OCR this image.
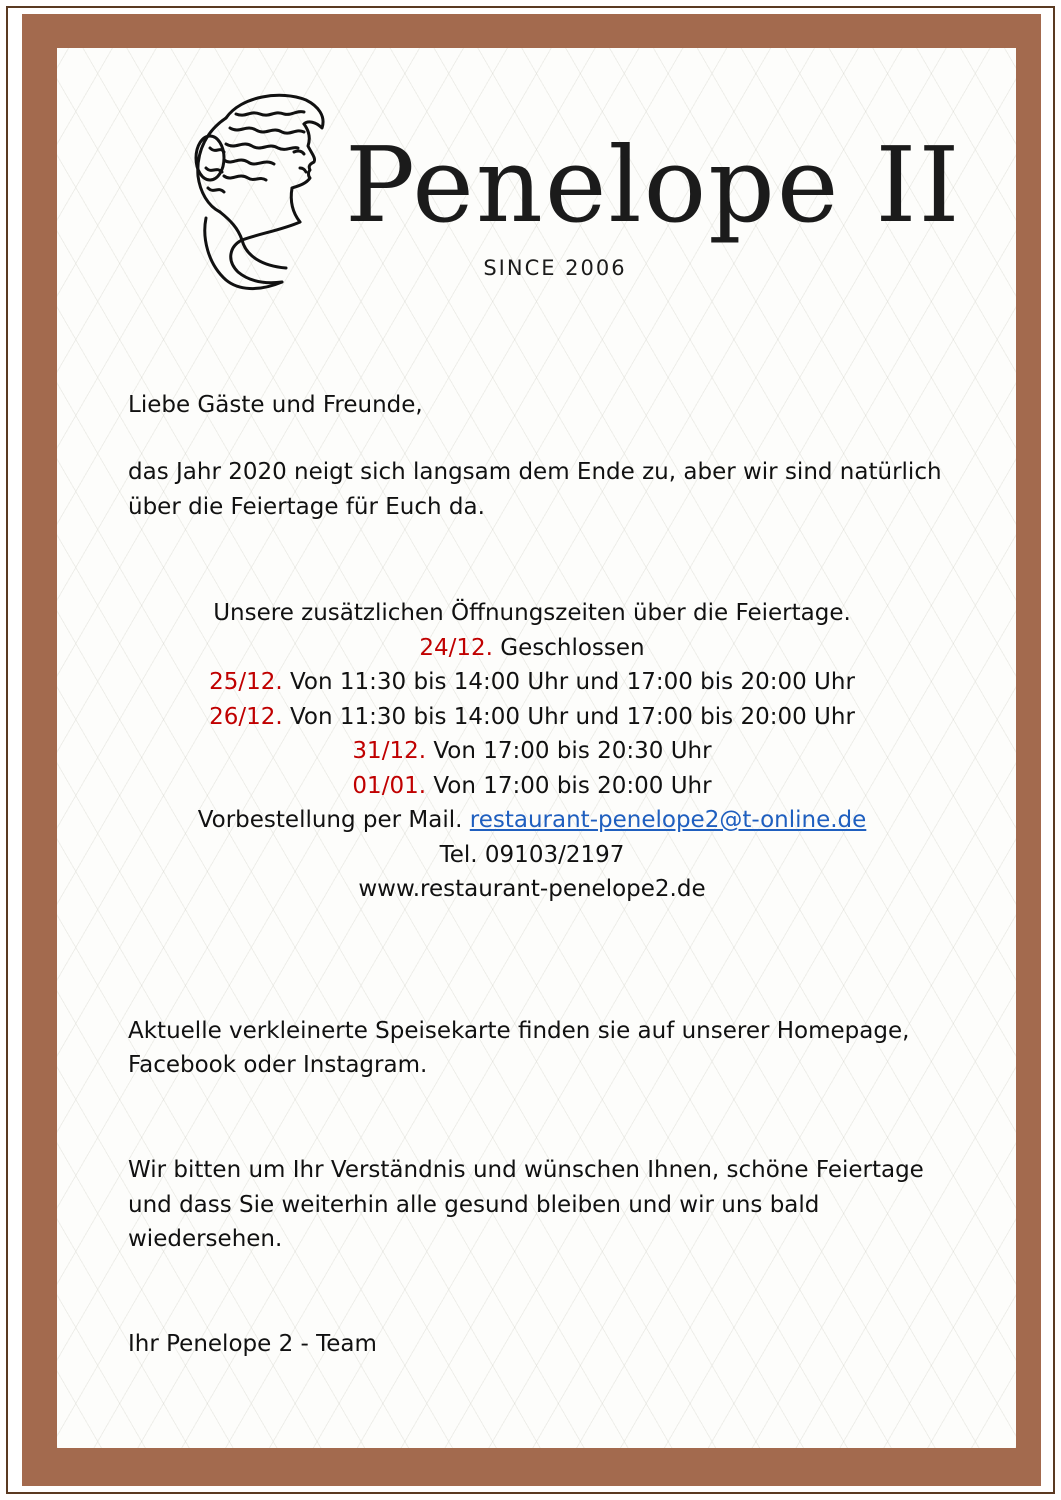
Penelope II
SINCE 2006
Liebe Gäste und Freunde,
das Jahr 2020 neigt sich langsam dem Ende zu, aber wir sind natürlich
über die Feiertage für Euch da.
Unsere zusätzlichen Öffnungszeiten über die Feiertage.
24/12. Geschlossen
25/12. Von 11:30 bis 14:00 Uhr und 17:00 bis 20:00 Uhr
26/12. Von 11:30 bis 14:00 Uhr und 17:00 bis 20:00 Uhr
31/12. Von 17:00 bis 20:30 Uhr
01/01. Von 17:00 bis 20:00 Uhr
Vorbestellung per Mail. restaurant-penelope2@t-online.de
Tel. 09103/2197
www.restaurant-penelope2.de
Aktuelle verkleinerte Speisekarte finden sie auf unserer Homepage,
Facebook oder Instagram.
Wir bitten um Ihr Verständnis und wünschen Ihnen, schöne Feiertage
und dass Sie weiterhin alle gesund bleiben und wir uns bald
wiedersehen.
Ihr Penelope 2 - Team
